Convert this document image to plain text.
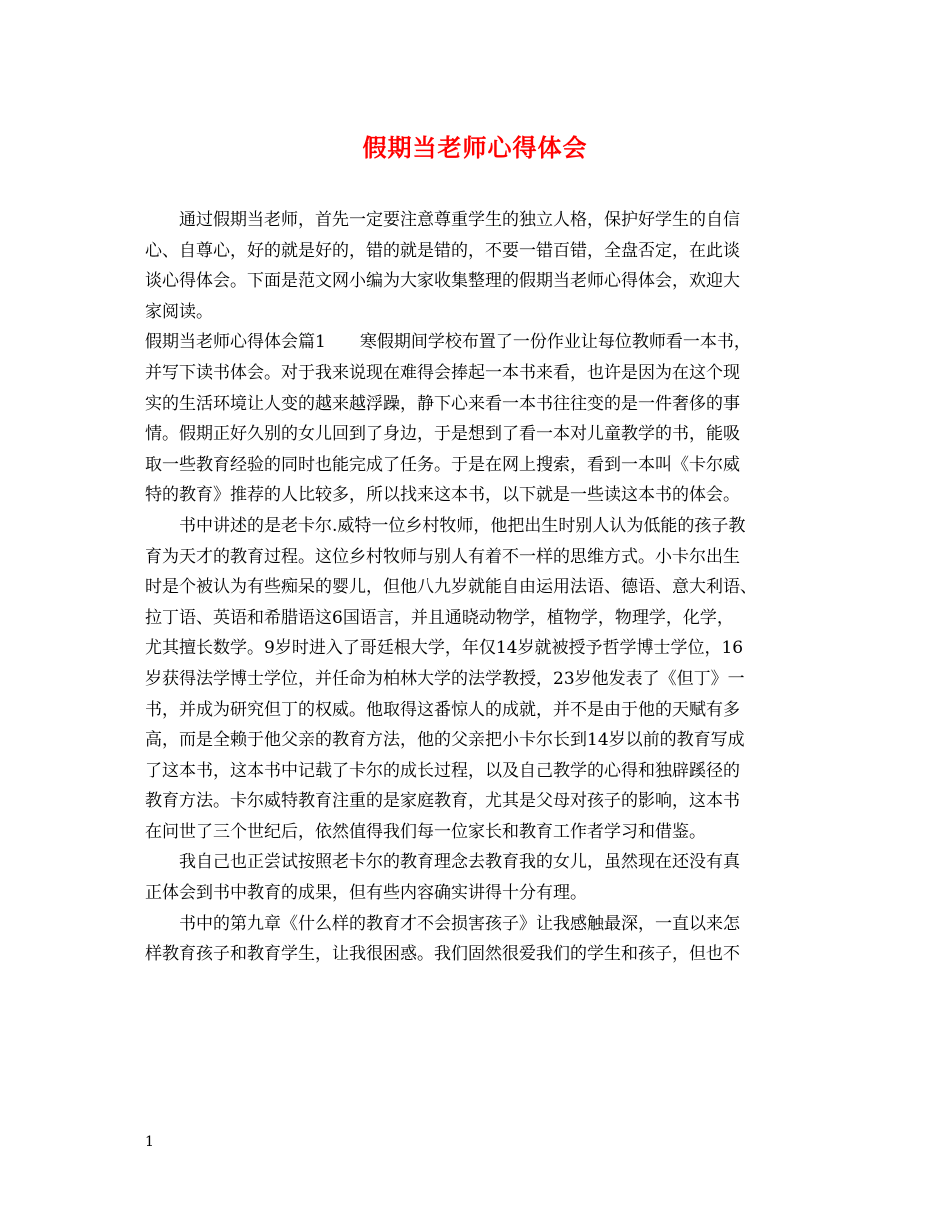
假期当老师心得体会
　　通过假期当老师，首先一定要注意尊重学生的独立人格，保护好学生的自信
心、自尊心，好的就是好的，错的就是错的，不要一错百错，全盘否定，在此谈
谈心得体会。下面是范文网小编为大家收集整理的假期当老师心得体会，欢迎大
家阅读。
假期当老师心得体会篇1　　寒假期间学校布置了一份作业让每位教师看一本书，
并写下读书体会。对于我来说现在难得会捧起一本书来看，也许是因为在这个现
实的生活环境让人变的越来越浮躁，静下心来看一本书往往变的是一件奢侈的事
情。假期正好久别的女儿回到了身边，于是想到了看一本对儿童教学的书，能吸
取一些教育经验的同时也能完成了任务。于是在网上搜索，看到一本叫《卡尔威
特的教育》推荐的人比较多，所以找来这本书，以下就是一些读这本书的体会。
　　书中讲述的是老卡尔.威特一位乡村牧师，他把出生时别人认为低能的孩子教
育为天才的教育过程。这位乡村牧师与别人有着不一样的思维方式。小卡尔出生
时是个被认为有些痴呆的婴儿，但他八九岁就能自由运用法语、德语、意大利语、
拉丁语、英语和希腊语这6国语言，并且通晓动物学，植物学，物理学，化学，
尤其擅长数学。9岁时进入了哥廷根大学，年仅14岁就被授予哲学博士学位，16
岁获得法学博士学位，并任命为柏林大学的法学教授，23岁他发表了《但丁》一
书，并成为研究但丁的权威。他取得这番惊人的成就，并不是由于他的天赋有多
高，而是全赖于他父亲的教育方法，他的父亲把小卡尔长到14岁以前的教育写成
了这本书，这本书中记载了卡尔的成长过程，以及自己教学的心得和独辟蹊径的
教育方法。卡尔威特教育注重的是家庭教育，尤其是父母对孩子的影响，这本书
在问世了三个世纪后，依然值得我们每一位家长和教育工作者学习和借鉴。
　　我自己也正尝试按照老卡尔的教育理念去教育我的女儿，虽然现在还没有真
正体会到书中教育的成果，但有些内容确实讲得十分有理。
　　书中的第九章《什么样的教育才不会损害孩子》让我感触最深，一直以来怎
样教育孩子和教育学生，让我很困惑。我们固然很爱我们的学生和孩子，但也不
1
